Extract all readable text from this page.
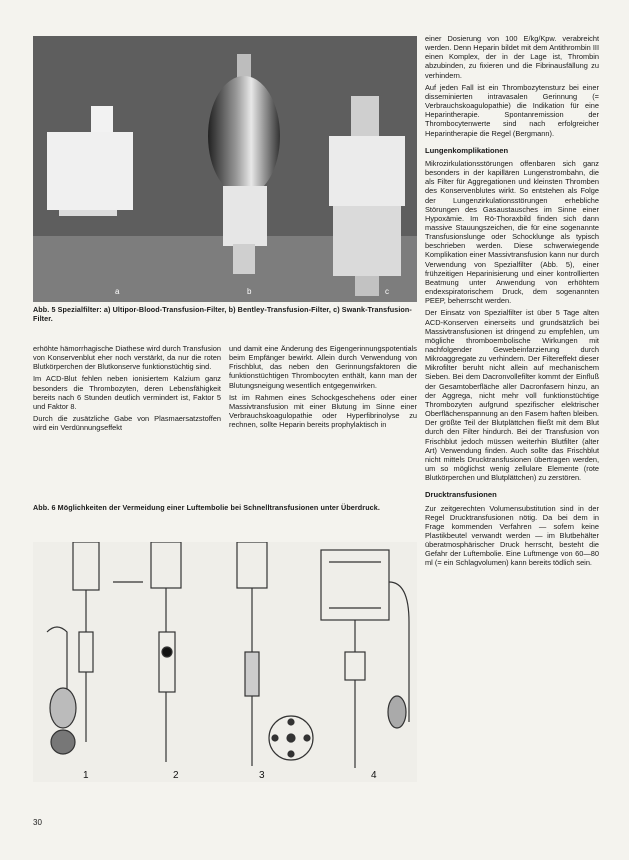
a	b	c
Abb. 5 Spezialfilter: a) Ultipor-Blood-Transfusion-Filter, b) Bentley-Transfusion-Filter, c) Swank-Transfusion-Filter.

erhöhte hämorrhagische Diathese wird durch Transfusion von Konservenblut eher noch verstärkt, da nur die roten Blutkörperchen der Blutkonserve funktionstüchtig sind.

Im ACD-Blut fehlen neben ionisiertem Kalzium ganz besonders die Thrombozyten, deren Lebensfähigkeit bereits nach 6 Stunden deutlich vermindert ist, Faktor 5 und Faktor 8.

Durch die zusätzliche Gabe von Plasmaersatzstoffen wird ein Verdünnungseffekt

und damit eine Änderung des Eigengerinnungspotentials beim Empfänger bewirkt. Allein durch Verwendung von Frischblut, das neben den Gerinnungsfaktoren die funktionstüchtigen Thrombocyten enthält, kann man der Blutungsneigung wesentlich entgegenwirken.

Ist im Rahmen eines Schockgeschehens oder einer Massivtransfusion mit einer Blutung im Sinne einer Verbrauchskoagulopathie oder Hyperfibrinolyse zu rechnen, sollte Heparin bereits prophylaktisch in

Abb. 6 Möglichkeiten der Vermeidung einer Luftembolie bei Schnelltransfusionen unter Überdruck.
1	2	3	4

einer Dosierung von 100 E/kg/Kpw. verabreicht werden. Denn Heparin bildet mit dem Antithrombin III einen Komplex, der in der Lage ist, Thrombin abzubinden, zu fixieren und die Fibrinausfällung zu verhindern.

Auf jeden Fall ist ein Thrombozytensturz bei einer disseminierten intravasalen Gerinnung (= Verbrauchskoagulopathie) die Indikation für eine Heparintherapie. Spontanremission der Thrombocytenwerte sind nach erfolgreicher Heparintherapie die Regel (Bergmann).

Lungenkomplikationen

Mikrozirkulationsstörungen offenbaren sich ganz besonders in der kapillären Lungenstrombahn, die als Filter für Aggregationen und kleinsten Thromben des Konservenblutes wirkt. So entstehen als Folge der Lungenzirkulationsstörungen erhebliche Störungen des Gasaustausches im Sinne einer Hypoxämie. Im Rö-Thoraxbild finden sich dann massive Stauungszeichen, die für eine sogenannte Transfusionslunge oder Schocklunge als typisch beschrieben werden. Diese schwerwiegende Komplikation einer Massivtransfusion kann nur durch Verwendung von Spezialfilter (Abb. 5), einer frühzeitigen Heparinisierung und einer kontrollierten Beatmung unter Anwendung von erhöhtem endexspiratorischem Druck, dem sogenannten PEEP, beherrscht werden.

Der Einsatz von Spezialfilter ist über 5 Tage alten ACD-Konserven einerseits und grundsätzlich bei Massivtransfusionen ist dringend zu empfehlen, um mögliche thromboembolische Wirkungen mit nachfolgender Gewebeinfarzierung durch Mikroaggregate zu verhindern. Der Filtereffekt dieser Mikrofilter beruht nicht allein auf mechanischem Sieben. Bei dem Dacronvollefilter kommt der Einfluß der Gesamtoberfläche aller Dacronfasern hinzu, an der Aggrega, nicht mehr voll funktionstüchtige Thrombozyten aufgrund spezifischer elektrischer Oberflächenspannung an den Fasern haften bleiben. Der größte Teil der Blutplättchen fließt mit dem Blut durch den Filter hindurch. Bei der Transfusion von Frischblut jedoch müssen weiterhin Blutfilter (alter Art) Verwendung finden. Auch sollte das Frischblut nicht mittels Drucktransfusionen übertragen werden, um so möglichst wenig zellulare Elemente (rote Blutkörperchen und Blutplättchen) zu zerstören.

Drucktransfusionen

Zur zeitgerechten Volumensubstitution sind in der Regel Drucktransfusionen nötig. Da bei dem in Frage kommenden Verfahren — sofern keine Plastikbeutel verwandt werden — im Blutbehälter überatmosphärischer Druck herrscht, besteht die Gefahr der Luftembolie. Eine Luftmenge von 60—80 ml (= ein Schlagvolumen) kann bereits tödlich sein.

30
